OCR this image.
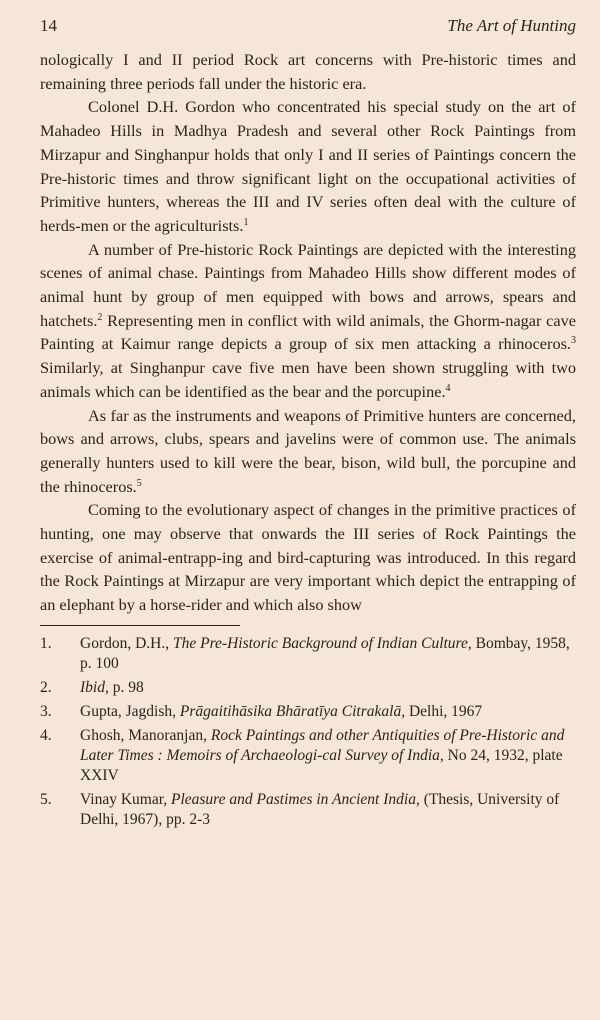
14	The Art of Hunting

nologically I and II period Rock art concerns with Pre-historic times and remaining three periods fall under the historic era.

Colonel D.H. Gordon who concentrated his special study on the art of Mahadeo Hills in Madhya Pradesh and several other Rock Paintings from Mirzapur and Singhanpur holds that only I and II series of Paintings concern the Pre-historic times and throw significant light on the occupational activities of Primitive hunters, whereas the III and IV series often deal with the culture of herds-men or the agriculturists.$^1$

A number of Pre-historic Rock Paintings are depicted with the interesting scenes of animal chase. Paintings from Mahadeo Hills show different modes of animal hunt by group of men equipped with bows and arrows, spears and hatchets.$^2$ Representing men in conflict with wild animals, the Ghorm-nagar cave Painting at Kaimur range depicts a group of six men attacking a rhinoceros.$^3$ Similarly, at Singhanpur cave five men have been shown struggling with two animals which can be identified as the bear and the porcupine.$^4$

As far as the instruments and weapons of Primitive hunters are concerned, bows and arrows, clubs, spears and javelins were of common use. The animals generally hunters used to kill were the bear, bison, wild bull, the porcupine and the rhinoceros.$^5$

Coming to the evolutionary aspect of changes in the primitive practices of hunting, one may observe that onwards the III series of Rock Paintings the exercise of animal-entrapp-ing and bird-capturing was introduced. In this regard the Rock Paintings at Mirzapur are very important which depict the entrapping of an elephant by a horse-rider and which also show

1.	Gordon, D.H., The Pre-Historic Background of Indian Culture, Bombay, 1958, p. 100
2.	Ibid, p. 98
3.	Gupta, Jagdish, Prāgaitihāsika Bhāratīya Citrakalā, Delhi, 1967
4.	Ghosh, Manoranjan, Rock Paintings and other Antiquities of Pre-Historic and Later Times : Memoirs of Archaeologi-cal Survey of India, No 24, 1932, plate XXIV
5.	Vinay Kumar, Pleasure and Pastimes in Ancient India, (Thesis, University of Delhi, 1967), pp. 2-3
